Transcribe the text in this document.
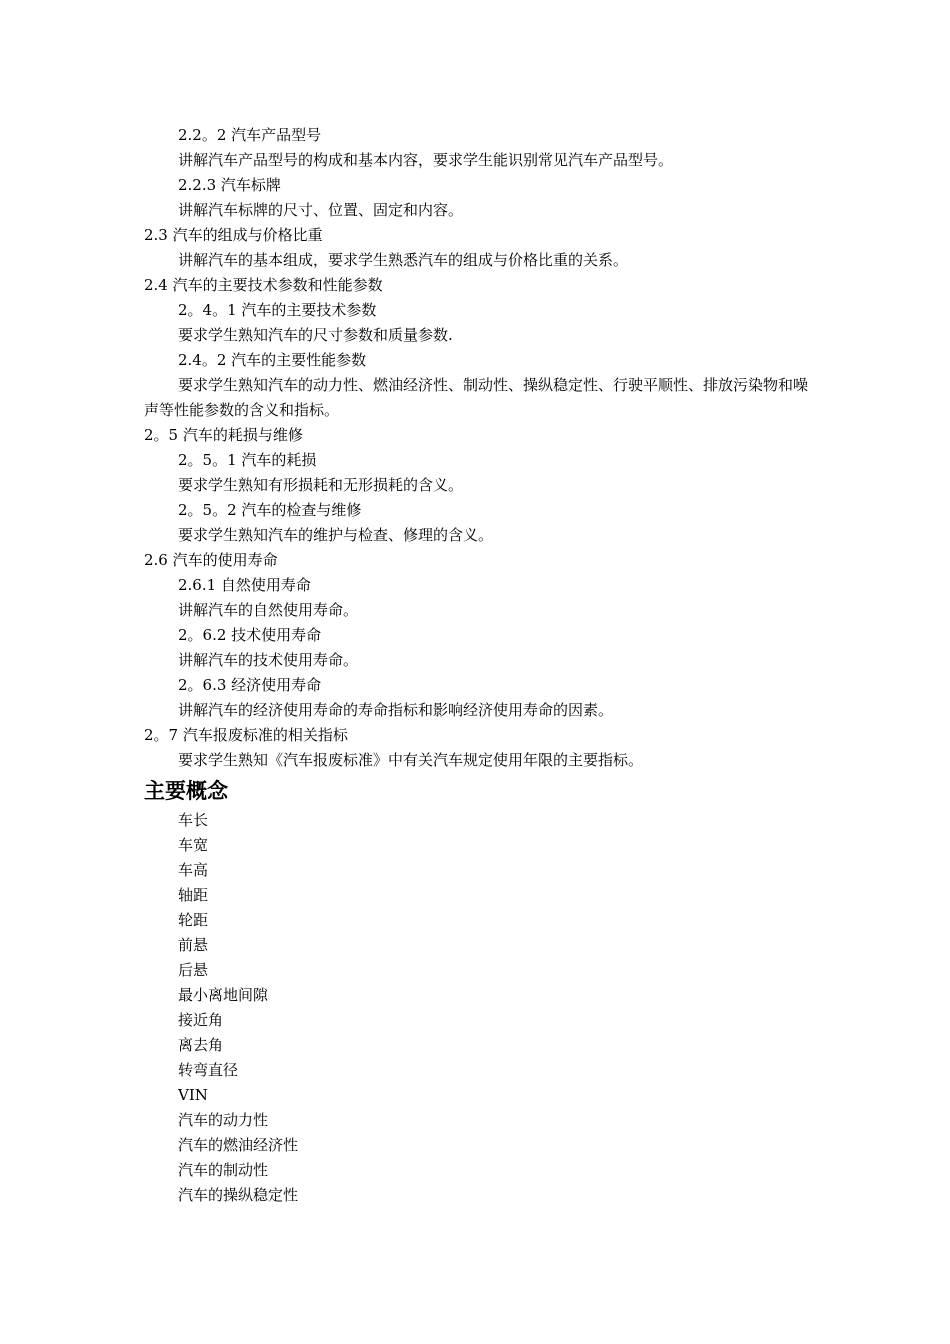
2.2。2 汽车产品型号
讲解汽车产品型号的构成和基本内容，要求学生能识别常见汽车产品型号。
2.2.3 汽车标牌
讲解汽车标牌的尺寸、位置、固定和内容。
2.3 汽车的组成与价格比重
讲解汽车的基本组成，要求学生熟悉汽车的组成与价格比重的关系。
2.4 汽车的主要技术参数和性能参数
2。4。1 汽车的主要技术参数
要求学生熟知汽车的尺寸参数和质量参数.
2.4。2 汽车的主要性能参数
要求学生熟知汽车的动力性、燃油经济性、制动性、操纵稳定性、行驶平顺性、排放污染物和噪声等性能参数的含义和指标。
2。5 汽车的耗损与维修
2。5。1 汽车的耗损
要求学生熟知有形损耗和无形损耗的含义。
2。5。2 汽车的检查与维修
要求学生熟知汽车的维护与检查、修理的含义。
2.6 汽车的使用寿命
2.6.1 自然使用寿命
讲解汽车的自然使用寿命。
2。6.2 技术使用寿命
讲解汽车的技术使用寿命。
2。6.3 经济使用寿命
讲解汽车的经济使用寿命的寿命指标和影响经济使用寿命的因素。
2。7 汽车报废标准的相关指标
要求学生熟知《汽车报废标准》中有关汽车规定使用年限的主要指标。
主要概念
车长
车宽
车高
轴距
轮距
前悬
后悬
最小离地间隙
接近角
离去角
转弯直径
VIN
汽车的动力性
汽车的燃油经济性
汽车的制动性
汽车的操纵稳定性
